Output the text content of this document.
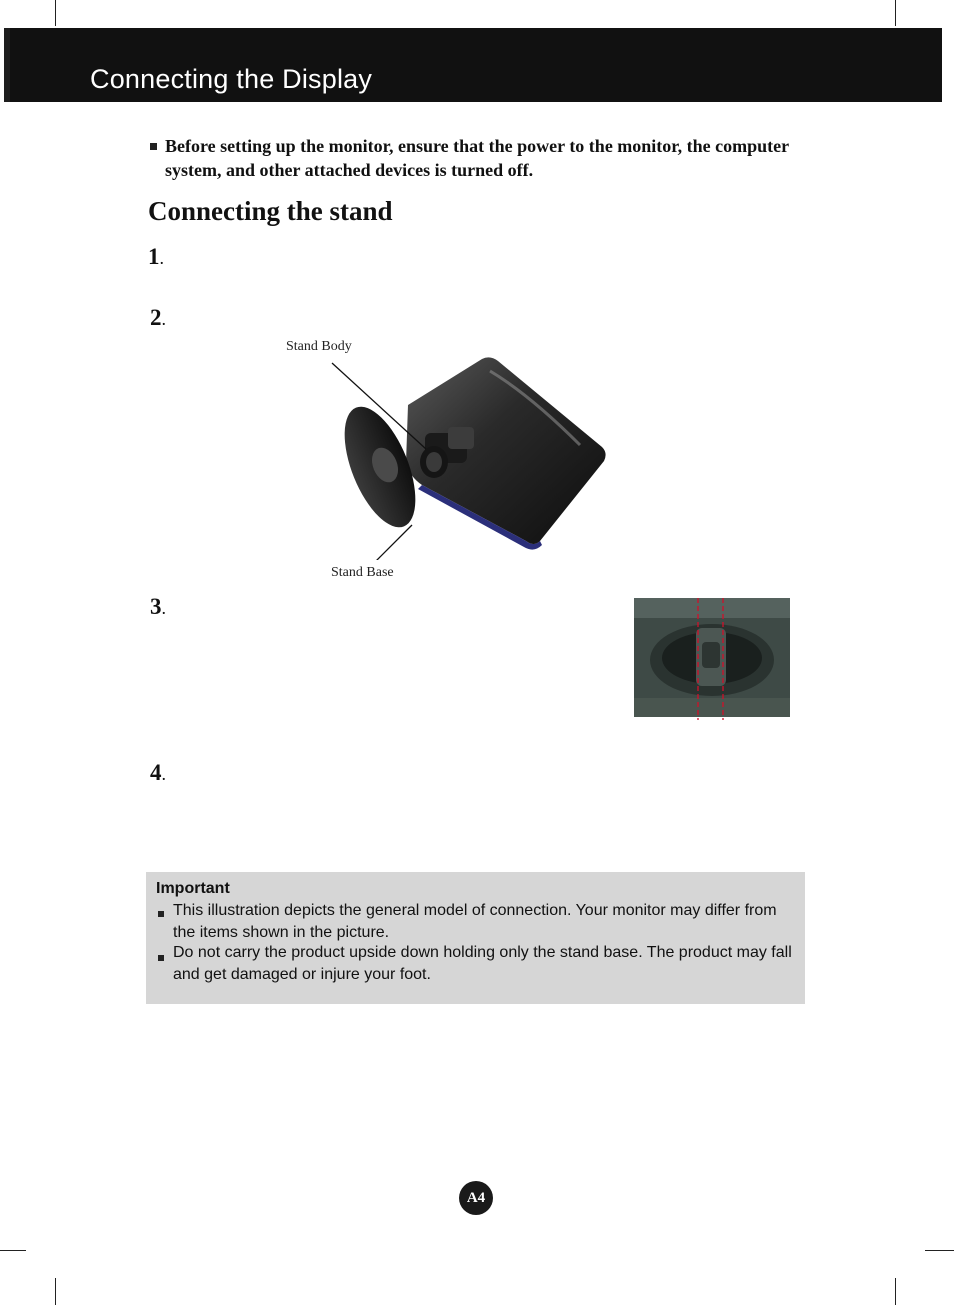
Connecting the Display
Before setting up the monitor, ensure that the power to the monitor, the computer system, and other attached devices is turned off.
Connecting the stand
1.
2.
3.
4.
Stand Body
Stand Base
Important
This illustration depicts the general model of connection. Your monitor may differ from the items shown in the picture.
Do not carry the product upside down holding only the stand base. The product may fall and get damaged or injure your foot.
A4
